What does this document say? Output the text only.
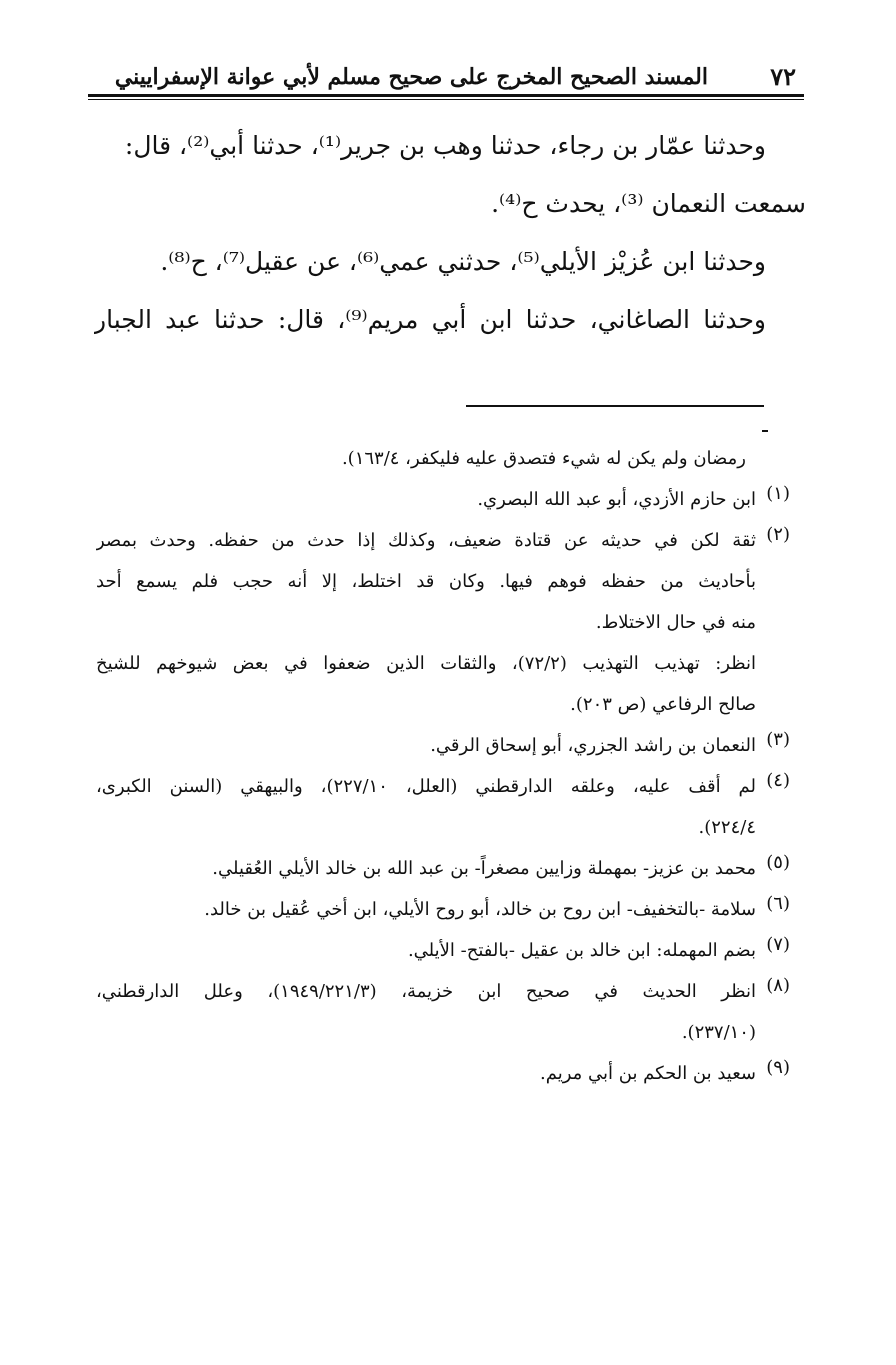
٧٢
المسند الصحيح المخرج على صحيح مسلم لأبي عوانة الإسفراييني

وحدثنا عمّار بن رجاء، حدثنا وهب بن جرير⁽¹⁾، حدثنا أبي⁽²⁾، قال:

سمعت النعمان ⁽³⁾، يحدث ح⁽⁴⁾.

وحدثنا ابن عُزيْز الأيلي⁽⁵⁾، حدثني عمي⁽⁶⁾، عن عقيل⁽⁷⁾، ح⁽⁸⁾.

وحدثنا الصاغاني، حدثنا ابن أبي مريم⁽⁹⁾، قال: حدثنا عبد الجبار

رمضان ولم يكن له شيء فتصدق عليه فليكفر، ١٦٣/٤).
(١)
ابن حازم الأزدي، أبو عبد الله البصري.
(٢)
ثقة لكن في حديثه عن قتادة ضعيف، وكذلك إذا حدث من حفظه. وحدث بمصر
بأحاديث من حفظه فوهم فيها. وكان قد اختلط، إلا أنه حجب فلم يسمع أحد
منه في حال الاختلاط.
انظر: تهذيب التهذيب (٧٢/٢)، والثقات الذين ضعفوا في بعض شيوخهم للشيخ
صالح الرفاعي (ص ٢٠٣).
(٣)
النعمان بن راشد الجزري، أبو إسحاق الرقي.
(٤)
لم أقف عليه، وعلقه الدارقطني (العلل، ٢٢٧/١٠)، والبيهقي (السنن الكبرى،
٢٢٤/٤).
(٥)
محمد بن عزيز- بمهملة وزايين مصغراً- بن عبد الله بن خالد الأيلي العُقيلي.
(٦)
سلامة -بالتخفيف- ابن روح بن خالد، أبو روح الأيلي، ابن أخي عُقيل بن خالد.
(٧)
بضم المهمله: ابن خالد بن عقيل -بالفتح- الأيلي.
(٨)
انظر الحديث في صحيح ابن خزيمة، (١٩٤٩/٢٢١/٣)، وعلل الدارقطني،
(٢٣٧/١٠).
(٩)
سعيد بن الحكم بن أبي مريم.
